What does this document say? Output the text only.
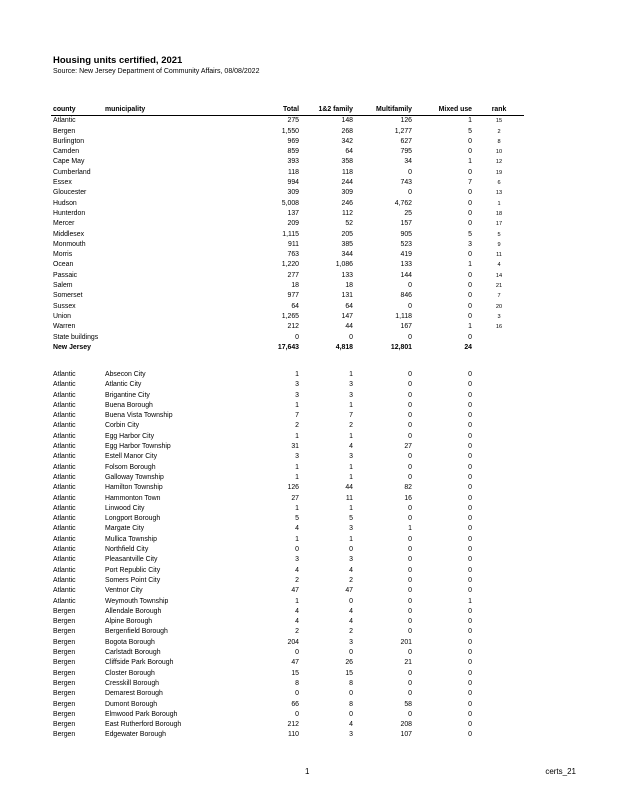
Housing units certified, 2021
Source: New Jersey Department of Community Affairs, 08/08/2022
county	municipality	Total	1&2 family	Multifamily	Mixed use	rank
Atlantic		275	148	126	1	15
Bergen		1,550	268	1,277	5	2
Burlington		969	342	627	0	8
Camden		859	64	795	0	10
Cape May		393	358	34	1	12
Cumberland		118	118	0	0	19
Essex		994	244	743	7	6
Gloucester		309	309	0	0	13
Hudson		5,008	246	4,762	0	1
Hunterdon		137	112	25	0	18
Mercer		209	52	157	0	17
Middlesex		1,115	205	905	5	5
Monmouth		911	385	523	3	9
Morris		763	344	419	0	11
Ocean		1,220	1,086	133	1	4
Passaic		277	133	144	0	14
Salem		18	18	0	0	21
Somerset		977	131	846	0	7
Sussex		64	64	0	0	20
Union		1,265	147	1,118	0	3
Warren		212	44	167	1	16
State buildings		0	0	0	0	
New Jersey		17,643	4,818	12,801	24	
Atlantic	Absecon City	1	1	0	0	
Atlantic	Atlantic City	3	3	0	0	
Atlantic	Brigantine City	3	3	0	0	
Atlantic	Buena Borough	1	1	0	0	
Atlantic	Buena Vista Township	7	7	0	0	
Atlantic	Corbin City	2	2	0	0	
Atlantic	Egg Harbor City	1	1	0	0	
Atlantic	Egg Harbor Township	31	4	27	0	
Atlantic	Estell Manor City	3	3	0	0	
Atlantic	Folsom Borough	1	1	0	0	
Atlantic	Galloway Township	1	1	0	0	
Atlantic	Hamilton Township	126	44	82	0	
Atlantic	Hammonton Town	27	11	16	0	
Atlantic	Linwood City	1	1	0	0	
Atlantic	Longport Borough	5	5	0	0	
Atlantic	Margate City	4	3	1	0	
Atlantic	Mullica Township	1	1	0	0	
Atlantic	Northfield City	0	0	0	0	
Atlantic	Pleasantville City	3	3	0	0	
Atlantic	Port Republic City	4	4	0	0	
Atlantic	Somers Point City	2	2	0	0	
Atlantic	Ventnor City	47	47	0	0	
Atlantic	Weymouth Township	1	0	0	1	
Bergen	Allendale Borough	4	4	0	0	
Bergen	Alpine Borough	4	4	0	0	
Bergen	Bergenfield Borough	2	2	0	0	
Bergen	Bogota Borough	204	3	201	0	
Bergen	Carlstadt Borough	0	0	0	0	
Bergen	Cliffside Park Borough	47	26	21	0	
Bergen	Closter Borough	15	15	0	0	
Bergen	Cresskill Borough	8	8	0	0	
Bergen	Demarest Borough	0	0	0	0	
Bergen	Dumont Borough	66	8	58	0	
Bergen	Elmwood Park Borough	0	0	0	0	
Bergen	East Rutherford Borough	212	4	208	0	
Bergen	Edgewater Borough	110	3	107	0	
1	certs_21
